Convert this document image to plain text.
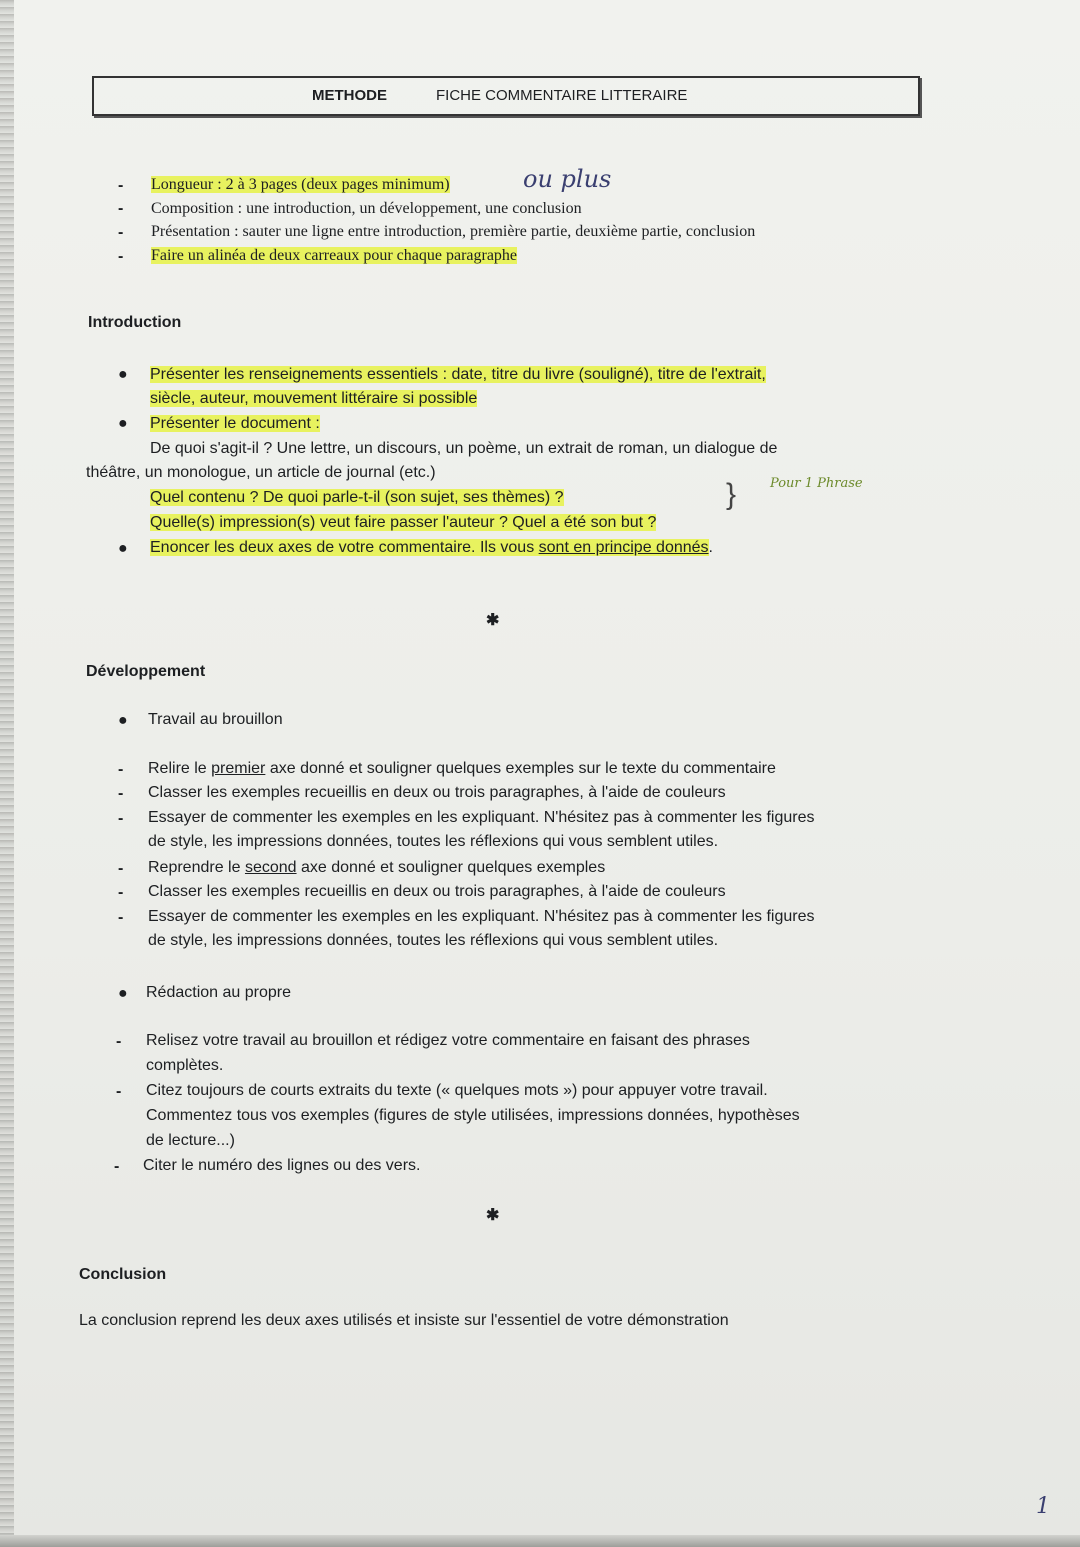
METHODE	FICHE COMMENTAIRE LITTERAIRE
- Longueur : 2 à 3 pages (deux pages minimum)	ou plus
- Composition : une introduction, un développement, une conclusion
- Présentation : sauter une ligne entre introduction, première partie, deuxième partie, conclusion
- Faire un alinéa de deux carreaux pour chaque paragraphe
Introduction
● Présenter les renseignements essentiels : date, titre du livre (souligné), titre de l'extrait,
siècle, auteur, mouvement littéraire si possible
● Présenter le document :
De quoi s'agit-il ? Une lettre, un discours, un poème, un extrait de roman, un dialogue de
théâtre, un monologue, un article de journal (etc.)
Quel contenu ? De quoi parle-t-il (son sujet, ses thèmes) ?
Quelle(s) impression(s) veut faire passer l'auteur ? Quel a été son but ?
}	Pour 1 Phrase
● Enoncer les deux axes de votre commentaire. Ils vous sont en principe donnés.
✱
Développement
● Travail au brouillon
- Relire le premier axe donné et souligner quelques exemples sur le texte du commentaire
- Classer les exemples recueillis en deux ou trois paragraphes, à l'aide de couleurs
- Essayer de commenter les exemples en les expliquant. N'hésitez pas à commenter les figures
de style, les impressions données, toutes les réflexions qui vous semblent utiles.
- Reprendre le second axe donné et souligner quelques exemples
- Classer les exemples recueillis en deux ou trois paragraphes, à l'aide de couleurs
- Essayer de commenter les exemples en les expliquant. N'hésitez pas à commenter les figures
de style, les impressions données, toutes les réflexions qui vous semblent utiles.
● Rédaction au propre
- Relisez votre travail au brouillon et rédigez votre commentaire en faisant des phrases
complètes.
- Citez toujours de courts extraits du texte (« quelques mots ») pour appuyer votre travail.
Commentez tous vos exemples (figures de style utilisées, impressions données, hypothèses
de lecture...)
- Citer le numéro des lignes ou des vers.
✱
Conclusion
La conclusion reprend les deux axes utilisés et insiste sur l'essentiel de votre démonstration
1
